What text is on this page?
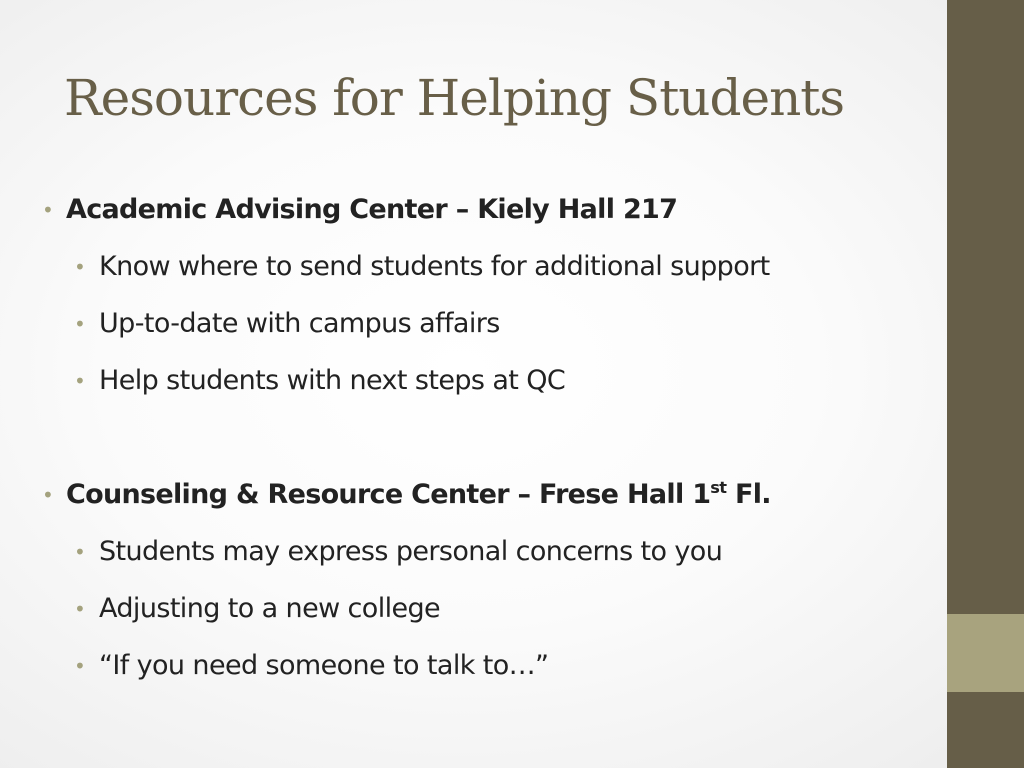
Resources for Helping Students
• Academic Advising Center – Kiely Hall 217
• Know where to send students for additional support
• Up-to-date with campus affairs
• Help students with next steps at QC
• Counseling & Resource Center – Frese Hall 1st Fl.
• Students may express personal concerns to you
• Adjusting to a new college
• “If you need someone to talk to…”
